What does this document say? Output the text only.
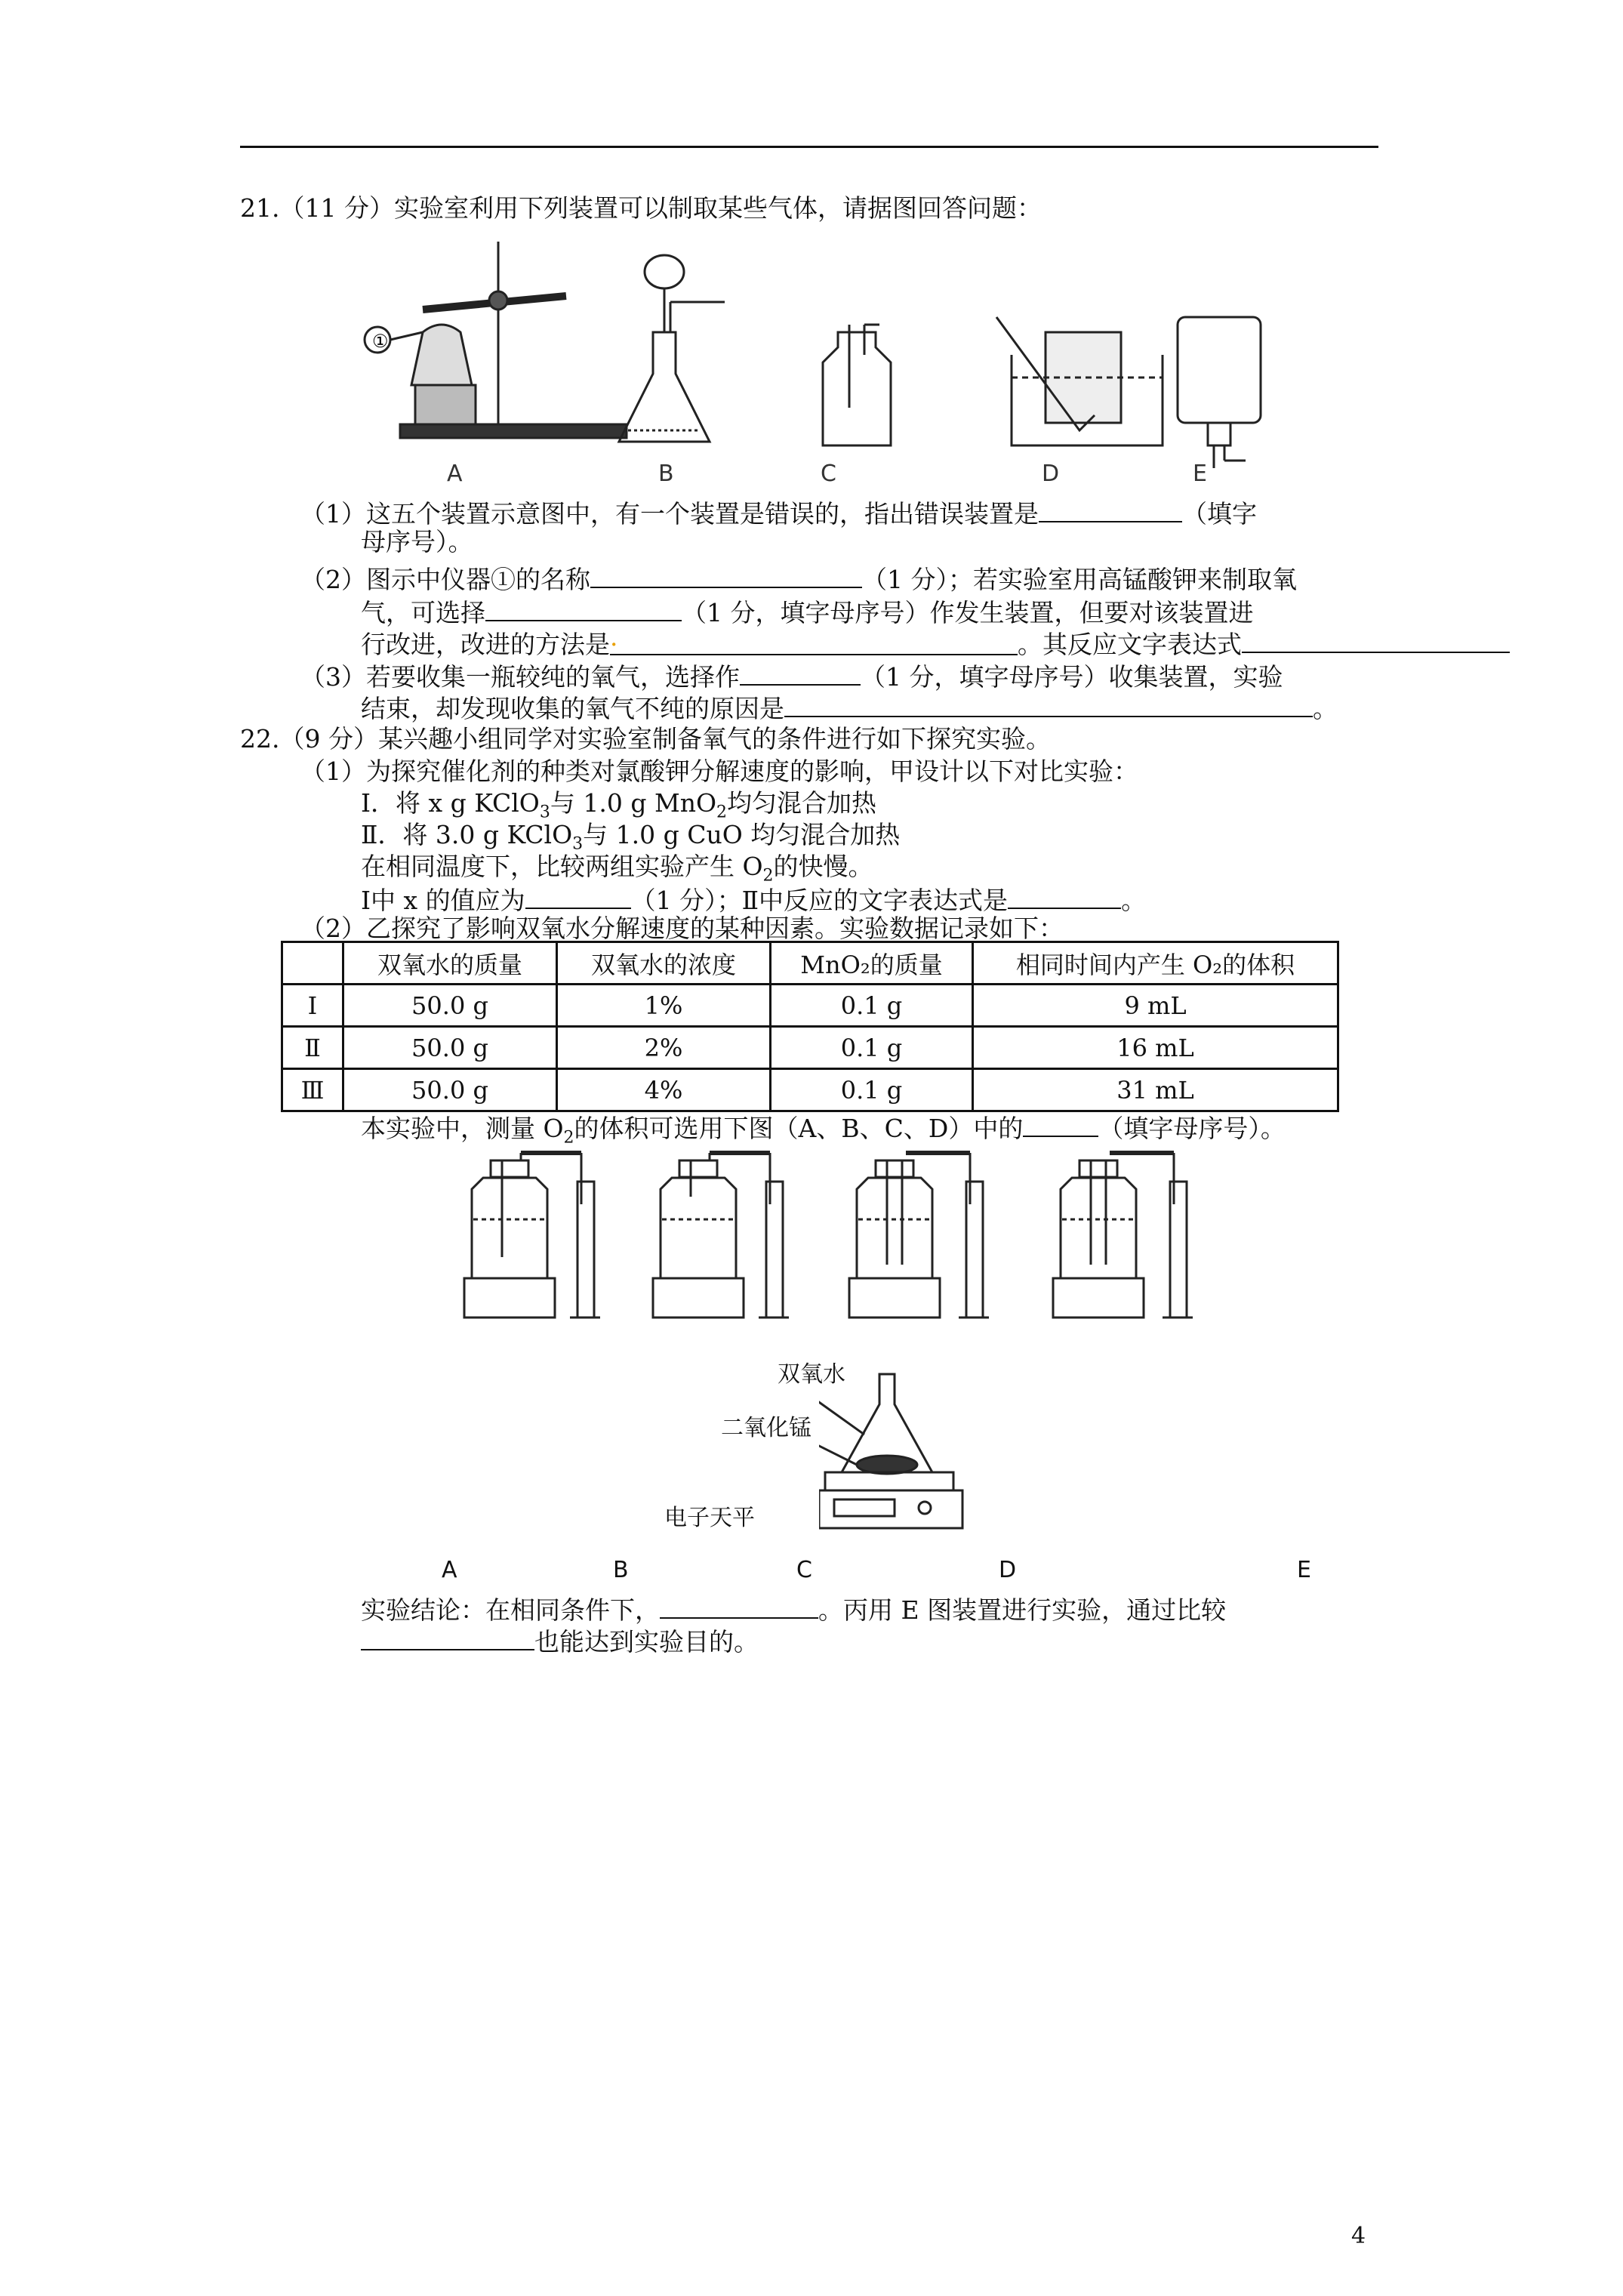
21.（11 分）实验室利用下列装置可以制取某些气体，请据图回答问题：
①
A	B	C	D	E
（1）这五个装置示意图中，有一个装置是错误的，指出错误装置是	（填字
母序号）。
（2）图示中仪器①的名称	（1 分）；若实验室用高锰酸钾来制取氧
气，可选择	（1 分，填字母序号）作发生装置，但要对该装置进
行改进，改进的方法是·	。其反应文字表达式
（3）若要收集一瓶较纯的氧气，选择作	（1 分，填字母序号）收集装置，实验
结束，却发现收集的氧气不纯的原因是	。
22.（9 分）某兴趣小组同学对实验室制备氧气的条件进行如下探究实验。
（1）为探究催化剂的种类对氯酸钾分解速度的影响，甲设计以下对比实验：
Ⅰ．将 x g KClO$_3$与 1.0 g MnO$_2$均匀混合加热
Ⅱ．将 3.0 g KClO$_3$与 1.0 g CuO 均匀混合加热
在相同温度下，比较两组实验产生 $O_2$的快慢。
Ⅰ中 x 的值应为	（1 分）；Ⅱ中反应的文字表达式是	。
（2）乙探究了影响双氧水分解速度的某种因素。实验数据记录如下：
	双氧水的质量	双氧水的浓度	MnO₂的质量	相同时间内产生 O₂的体积
Ⅰ	50.0 g	1%	0.1 g	9 mL
Ⅱ	50.0 g	2%	0.1 g	16 mL
Ⅲ	50.0 g	4%	0.1 g	31 mL
本实验中，测量 $O_2$的体积可选用下图（A、B、C、D）中的	（填字母序号）。
双氧水
二氧化锰
电子天平
A	B	C	D	E
实验结论：在相同条件下，	。丙用 E 图装置进行实验，通过比较
也能达到实验目的。
4
